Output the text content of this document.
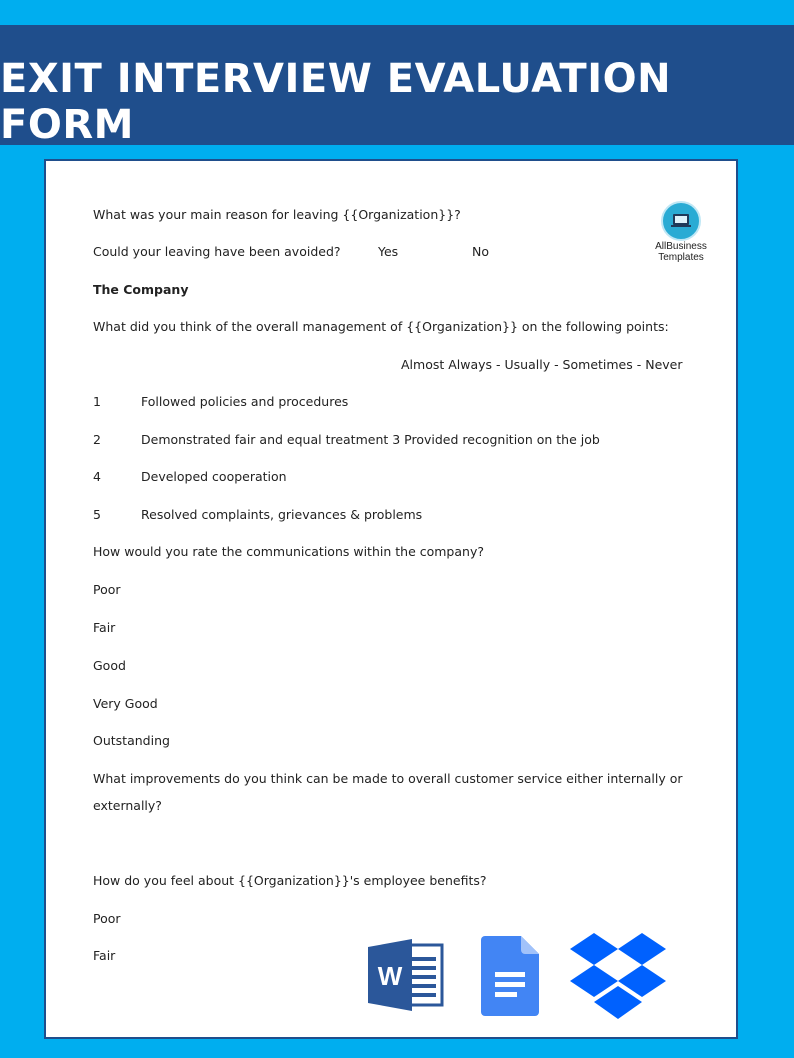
EXIT INTERVIEW EVALUATION FORM
AllBusiness
Templates
What was your main reason for leaving {{Organization}}?
Could your leaving have been avoided?	Yes	No
The Company
What did you think of the overall management of {{Organization}} on the following points:
Almost Always - Usually - Sometimes - Never
1	Followed policies and procedures
2	Demonstrated fair and equal treatment 3 Provided recognition on the job
4	Developed cooperation
5	Resolved complaints, grievances & problems
How would you rate the communications within the company?
Poor
Fair
Good
Very Good
Outstanding
What improvements do you think can be made to overall customer service either internally or
externally?
How do you feel about {{Organization}}'s employee benefits?
Poor
Fair
W
